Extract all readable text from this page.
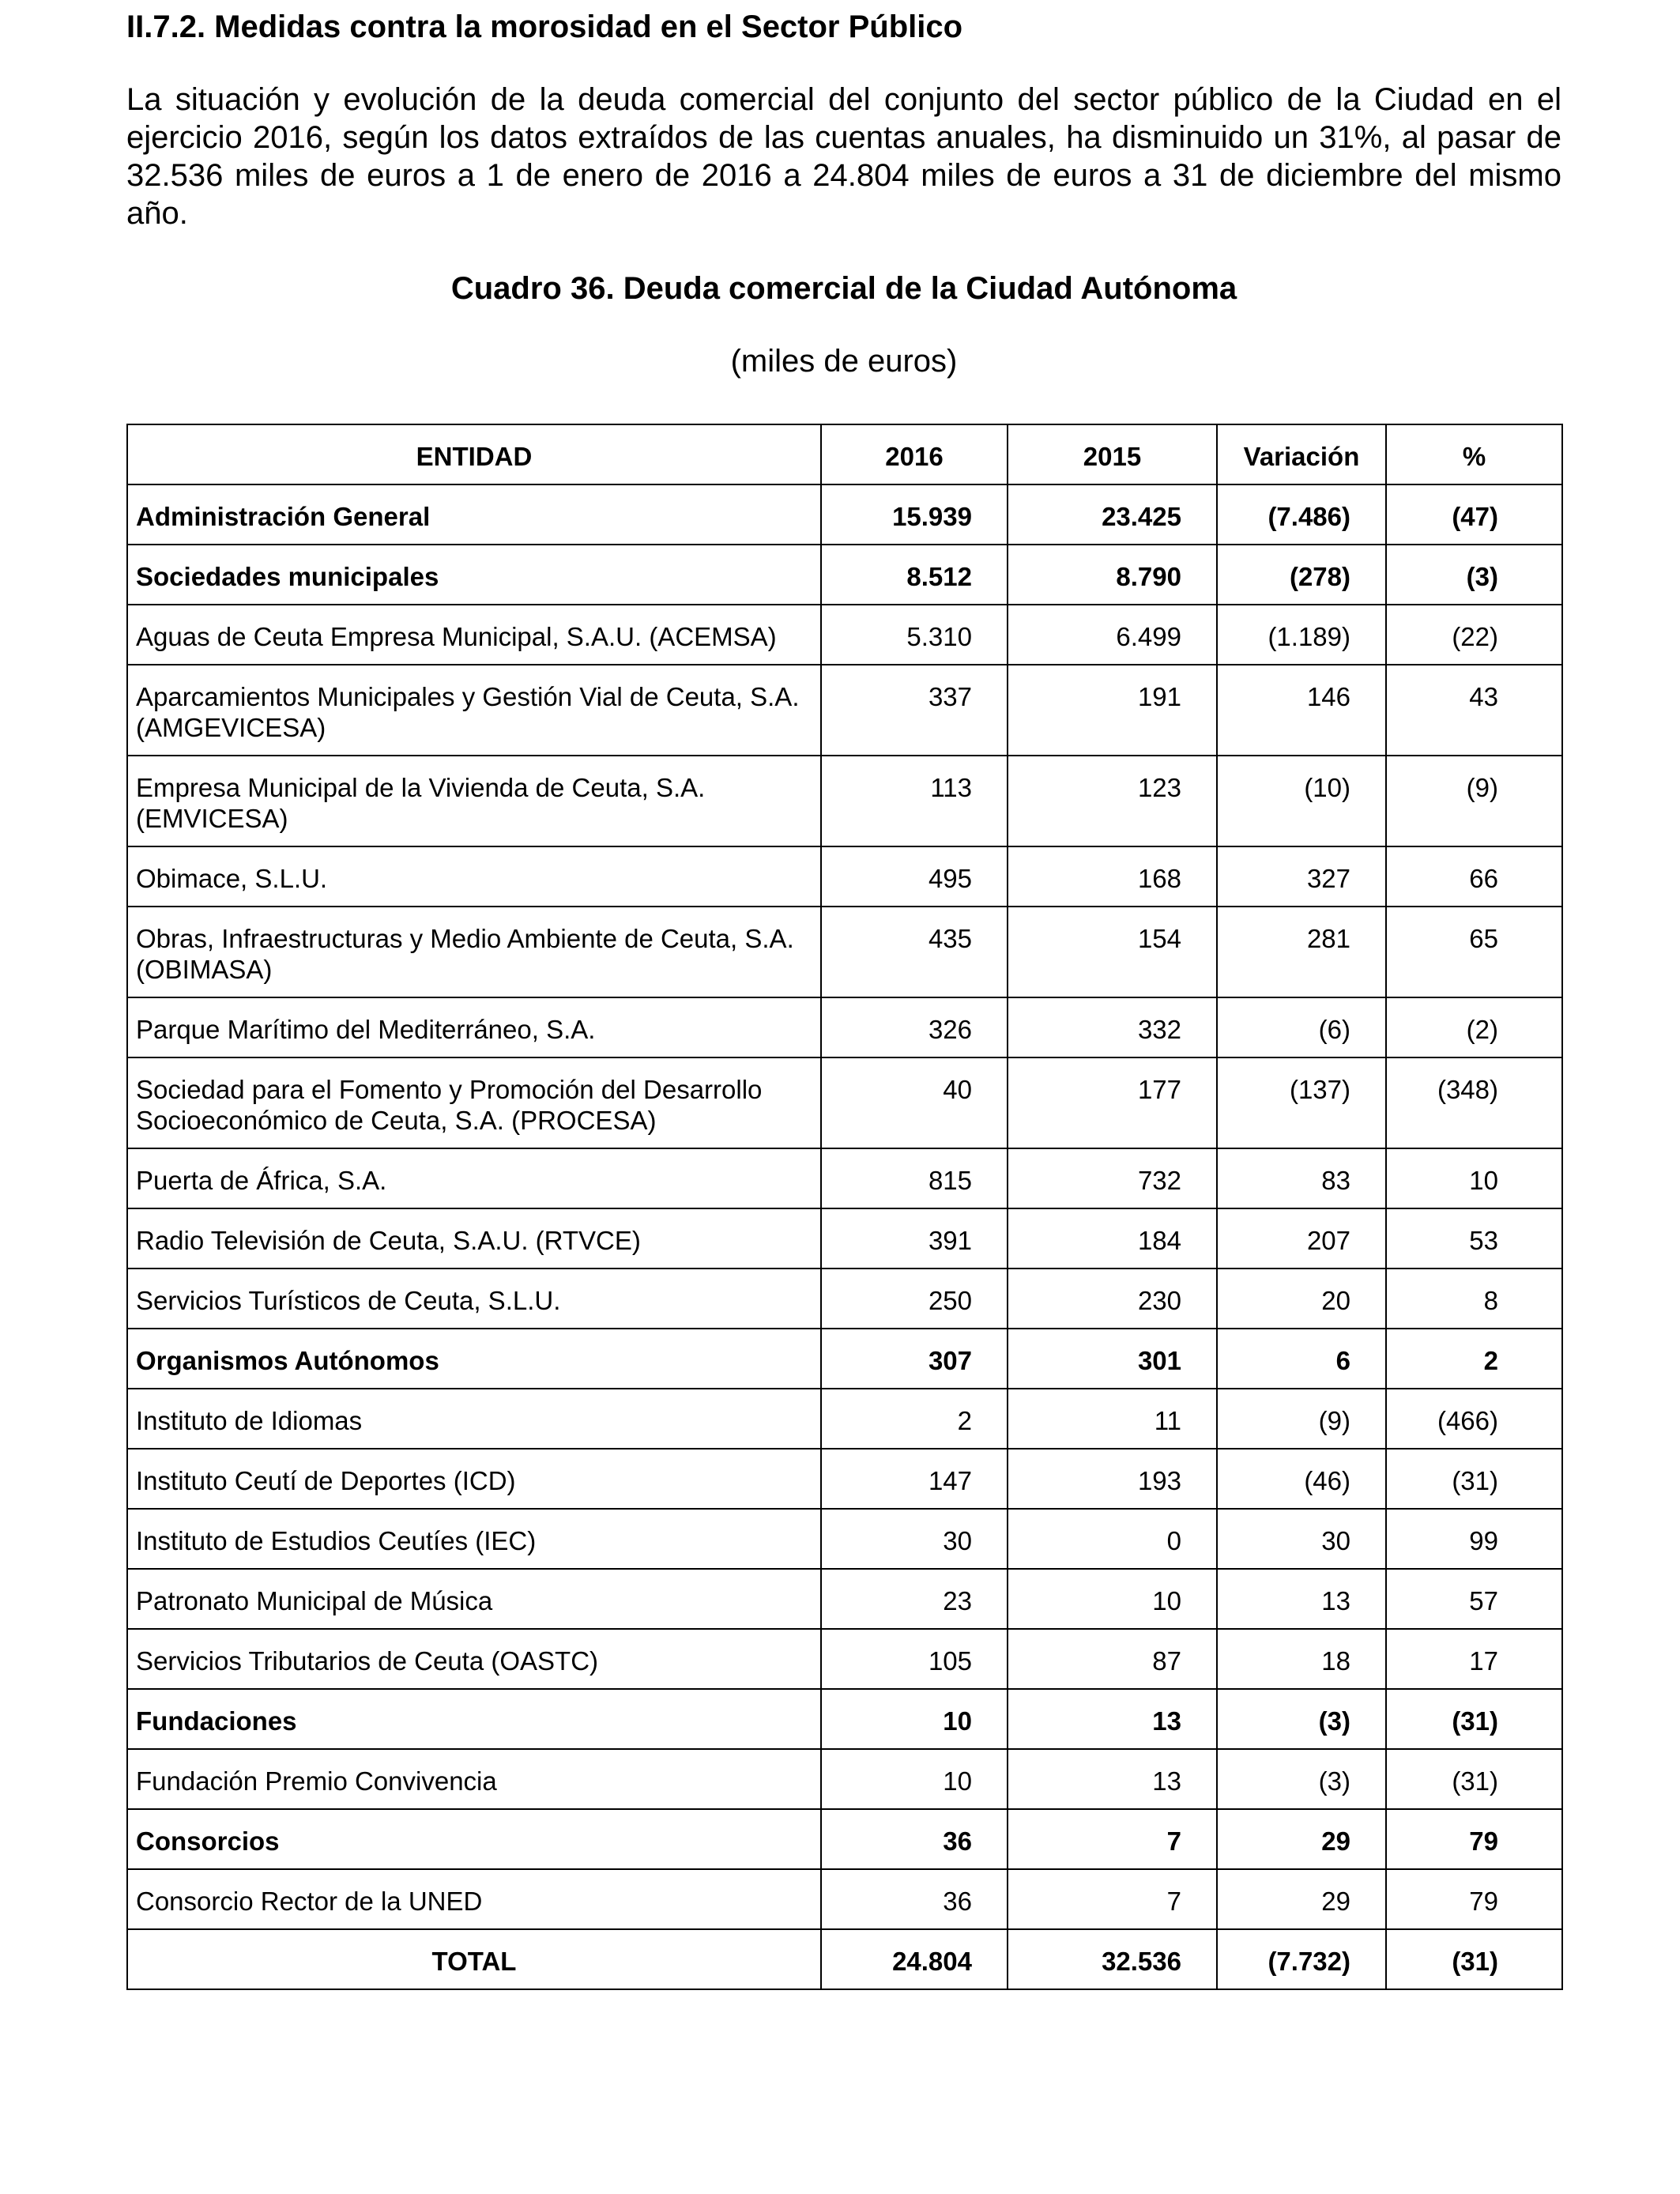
II.7.2. Medidas contra la morosidad en el Sector Público

La situación y evolución de la deuda comercial del conjunto del sector público de la Ciudad en el ejercicio 2016, según los datos extraídos de las cuentas anuales, ha disminuido un 31%, al pasar de 32.536 miles de euros a 1 de enero de 2016 a 24.804 miles de euros a 31 de diciembre del mismo año.

Cuadro 36. Deuda comercial de la Ciudad Autónoma

(miles de euros)

ENTIDAD	2016	2015	Variación	%
Administración General	15.939	23.425	(7.486)	(47)
Sociedades municipales	8.512	8.790	(278)	(3)
Aguas de Ceuta Empresa Municipal, S.A.U. (ACEMSA)	5.310	6.499	(1.189)	(22)
Aparcamientos Municipales y Gestión Vial de Ceuta, S.A. (AMGEVICESA)	337	191	146	43
Empresa Municipal de la Vivienda de Ceuta, S.A. (EMVICESA)	113	123	(10)	(9)
Obimace, S.L.U.	495	168	327	66
Obras, Infraestructuras y Medio Ambiente de Ceuta, S.A. (OBIMASA)	435	154	281	65
Parque Marítimo del Mediterráneo, S.A.	326	332	(6)	(2)
Sociedad para el Fomento y Promoción del Desarrollo Socioeconómico de Ceuta, S.A. (PROCESA)	40	177	(137)	(348)
Puerta de África, S.A.	815	732	83	10
Radio Televisión de Ceuta, S.A.U. (RTVCE)	391	184	207	53
Servicios Turísticos de Ceuta, S.L.U.	250	230	20	8
Organismos Autónomos	307	301	6	2
Instituto de Idiomas	2	11	(9)	(466)
Instituto Ceutí de Deportes (ICD)	147	193	(46)	(31)
Instituto de Estudios Ceutíes (IEC)	30	0	30	99
Patronato Municipal de Música	23	10	13	57
Servicios Tributarios de Ceuta (OASTC)	105	87	18	17
Fundaciones	10	13	(3)	(31)
Fundación Premio Convivencia	10	13	(3)	(31)
Consorcios	36	7	29	79
Consorcio Rector de la UNED	36	7	29	79
TOTAL	24.804	32.536	(7.732)	(31)
